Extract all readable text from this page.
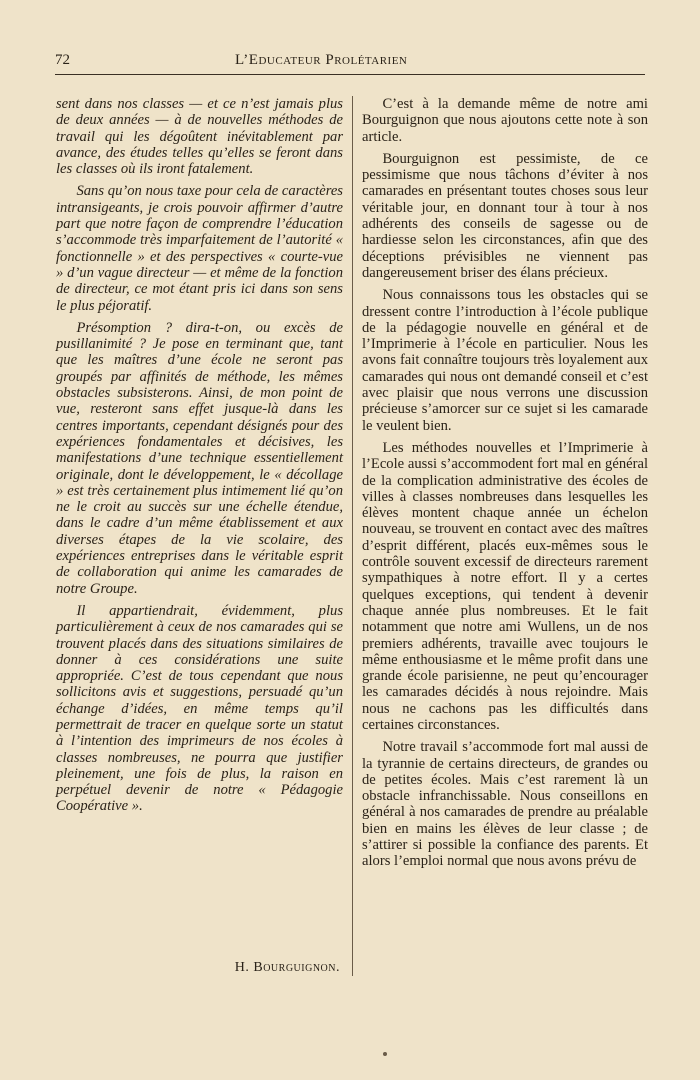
72	L’Educateur Prolétarien

sent dans nos classes — et ce n’est jamais plus de deux années — à de nouvelles méthodes de travail qui les dégoûtent inévitablement par avance, des études telles qu’elles se feront dans les classes où ils iront fatalement.

Sans qu’on nous taxe pour cela de caractères intransigeants, je crois pouvoir affirmer d’autre part que notre façon de comprendre l’éducation s’accommode très imparfaitement de l’autorité « fonctionnelle » et des perspectives « courte-vue » d’un vague directeur — et même de la fonction de directeur, ce mot étant pris ici dans son sens le plus péjoratif.

Présomption ? dira-t-on, ou excès de pusillanimité ? Je pose en terminant que, tant que les maîtres d’une école ne seront pas groupés par affinités de méthode, les mêmes obstacles subsisterons. Ainsi, de mon point de vue, resteront sans effet jusque-là dans les centres importants, cependant désignés pour des expériences fondamentales et décisives, les manifestations d’une technique essentiellement originale, dont le développement, le « décollage » est très certainement plus intimement lié qu’on ne le croit au succès sur une échelle étendue, dans le cadre d’un même établissement et aux diverses étapes de la vie scolaire, des expériences entreprises dans le véritable esprit de collaboration qui anime les camarades de notre Groupe.

Il appartiendrait, évidemment, plus particulièrement à ceux de nos camarades qui se trouvent placés dans des situations similaires de donner à ces considérations une suite appropriée. C’est de tous cependant que nous sollicitons avis et suggestions, persuadé qu’un échange d’idées, en même temps qu’il permettrait de tracer en quelque sorte un statut à l’intention des imprimeurs de nos écoles à classes nombreuses, ne pourra que justifier pleinement, une fois de plus, la raison en perpétuel devenir de notre « Pédagogie Coopérative ».

H. Bourguignon.

C’est à la demande même de notre ami Bourguignon que nous ajoutons cette note à son article.

Bourguignon est pessimiste, de ce pessimisme que nous tâchons d’éviter à nos camarades en présentant toutes choses sous leur véritable jour, en donnant tour à tour à nos adhérents des conseils de sagesse ou de hardiesse selon les circonstances, afin que des déceptions prévisibles ne viennent pas dangereusement briser des élans précieux.

Nous connaissons tous les obstacles qui se dressent contre l’introduction à l’école publique de la pédagogie nouvelle en général et de l’Imprimerie à l’école en particulier. Nous les avons fait connaître toujours très loyalement aux camarades qui nous ont demandé conseil et c’est avec plaisir que nous verrons une discussion précieuse s’amorcer sur ce sujet si les camarade le veulent bien.

Les méthodes nouvelles et l’Imprimerie à l’Ecole aussi s’accommodent fort mal en général de la complication administrative des écoles de villes à classes nombreuses dans lesquelles les élèves montent chaque année un échelon nouveau, se trouvent en contact avec des maîtres d’esprit différent, placés eux-mêmes sous le contrôle souvent excessif de directeurs rarement sympathiques à notre effort. Il y a certes quelques exceptions, qui tendent à devenir chaque année plus nombreuses. Et le fait notamment que notre ami Wullens, un de nos premiers adhérents, travaille avec toujours le même enthousiasme et le même profit dans une grande école parisienne, ne peut qu’encourager les camarades décidés à nous rejoindre. Mais nous ne cachons pas les difficultés dans certaines circonstances.

Notre travail s’accommode fort mal aussi de la tyrannie de certains directeurs, de grandes ou de petites écoles. Mais c’est rarement là un obstacle infranchissable. Nous conseillons en général à nos camarades de prendre au préalable bien en mains les élèves de leur classe ; de s’attirer si possible la confiance des parents. Et alors l’emploi normal que nous avons prévu de
